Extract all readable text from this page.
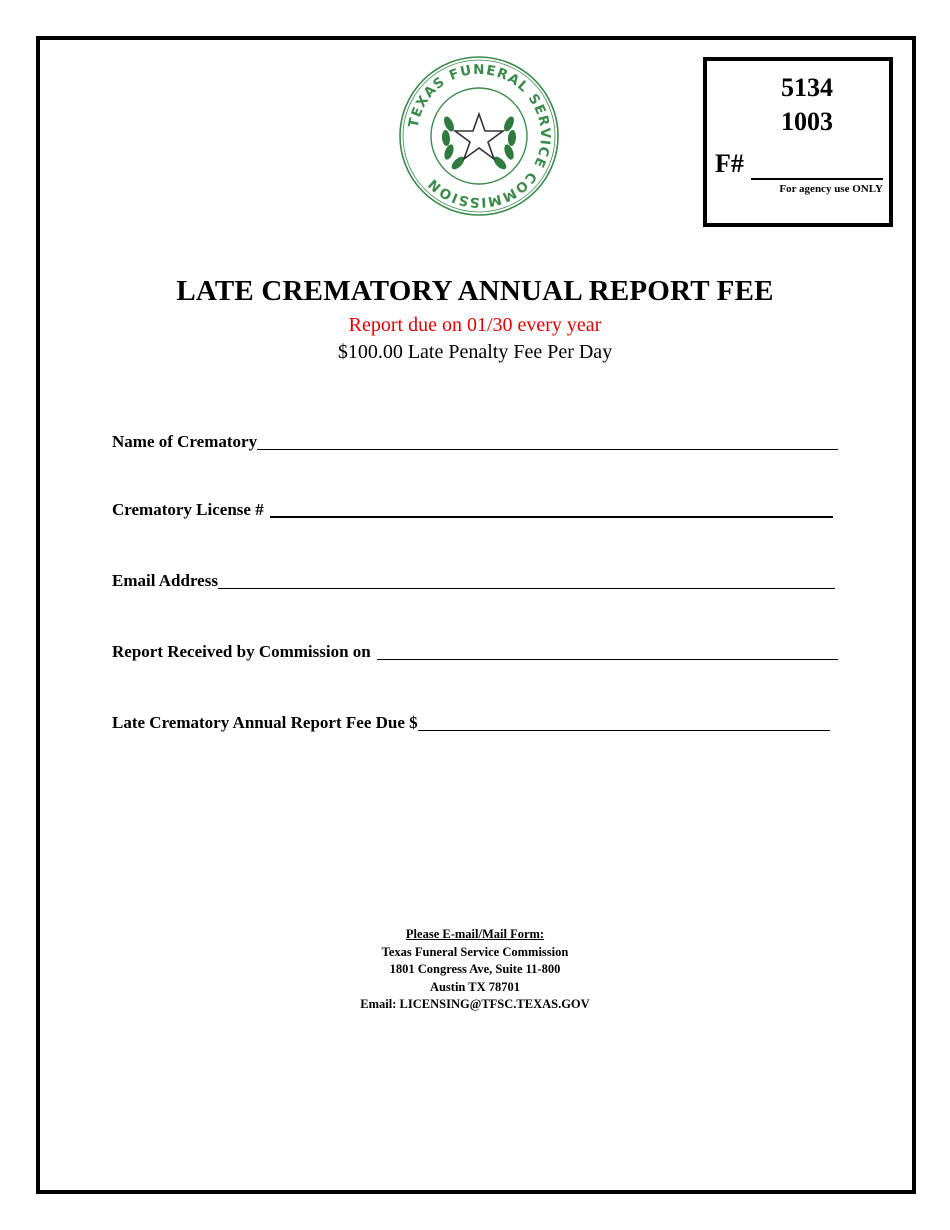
TEXAS FUNERAL SERVICE COMMISSION
5134
1003
F#
For agency use ONLY
LATE CREMATORY ANNUAL REPORT FEE
Report due on 01/30 every year
$100.00 Late Penalty Fee Per Day
Name of Crematory
Crematory License #
Email Address
Report Received by Commission on
Late Crematory Annual Report Fee Due $
Please E-mail/Mail Form:
Texas Funeral Service Commission
1801 Congress Ave, Suite 11-800
Austin TX 78701
Email: LICENSING@TFSC.TEXAS.GOV
